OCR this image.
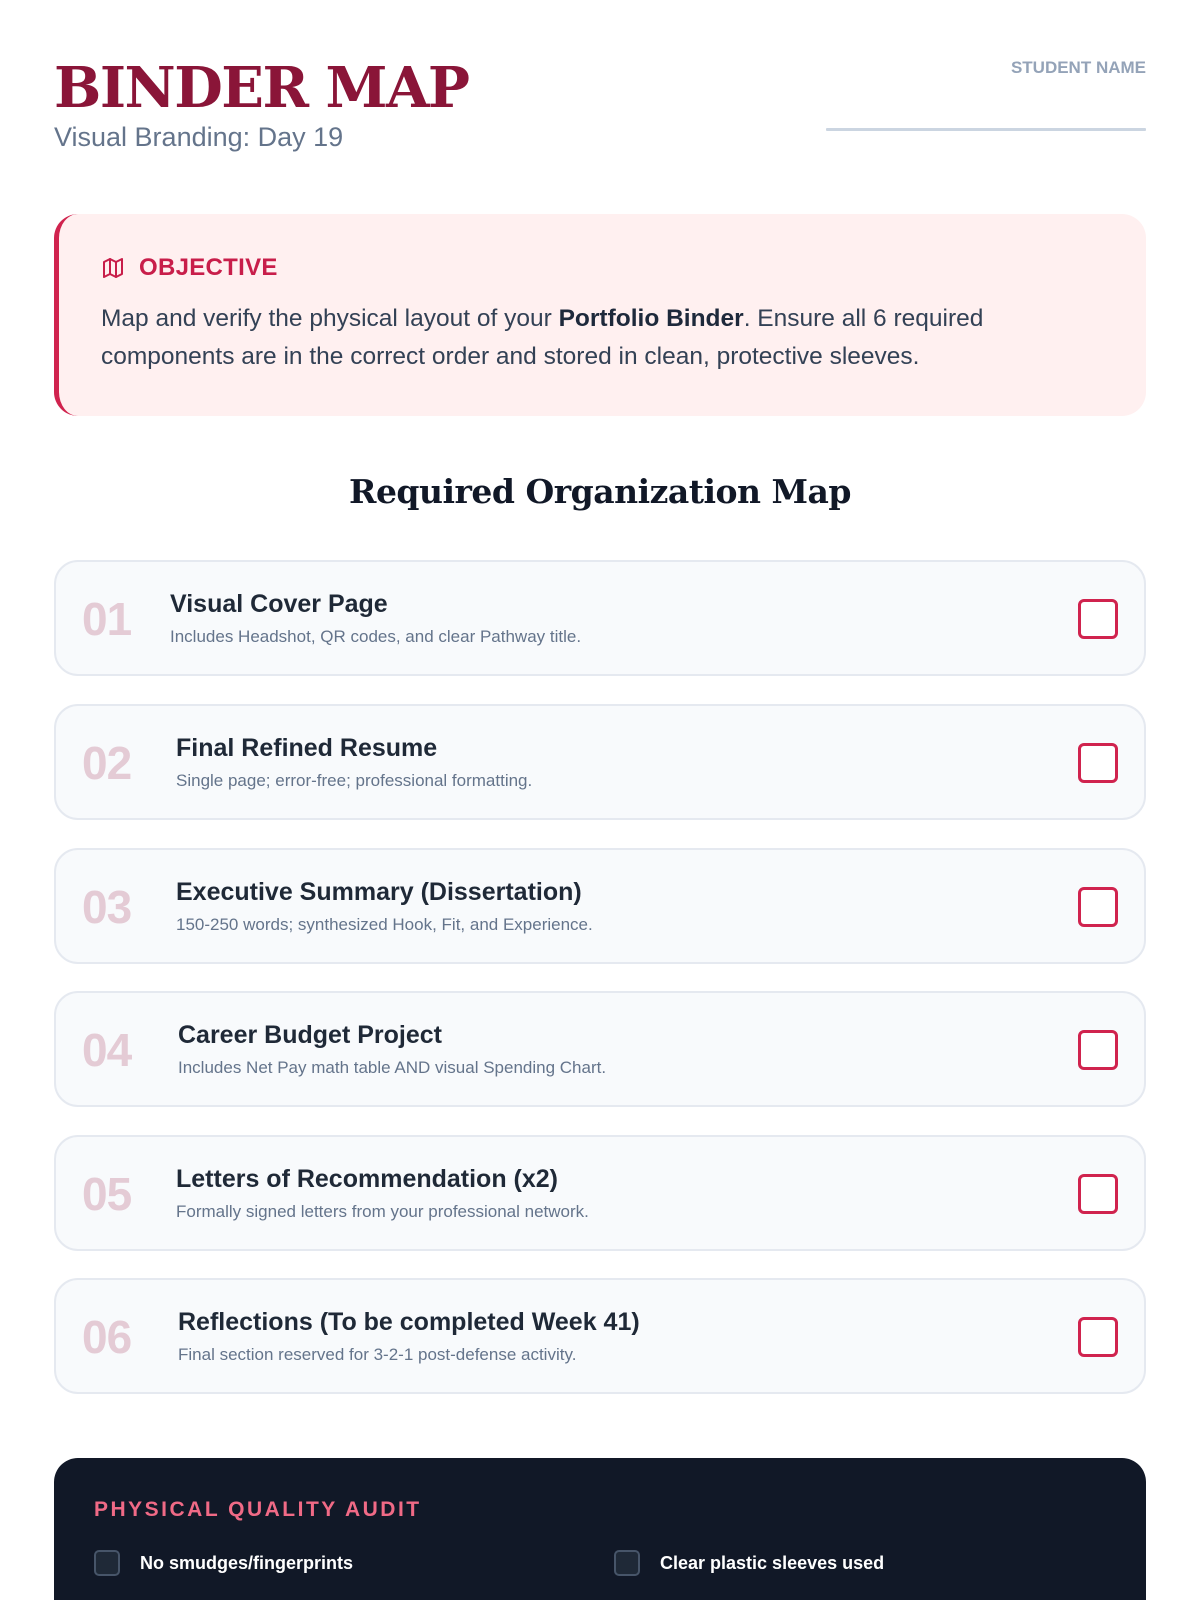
BINDER MAP
Visual Branding: Day 19
STUDENT NAME
OBJECTIVE

Map and verify the physical layout of your Portfolio Binder. Ensure all 6 required components are in the correct order and stored in clean, protective sleeves.

Required Organization Map
01 Visual Cover Page
Includes Headshot, QR codes, and clear Pathway title.
02 Final Refined Resume
Single page; error-free; professional formatting.
03 Executive Summary (Dissertation)
150-250 words; synthesized Hook, Fit, and Experience.
04 Career Budget Project
Includes Net Pay math table AND visual Spending Chart.
05 Letters of Recommendation (x2)
Formally signed letters from your professional network.
06 Reflections (To be completed Week 41)
Final section reserved for 3-2-1 post-defense activity.
PHYSICAL QUALITY AUDIT
No smudges/fingerprints	Clear plastic sleeves used
